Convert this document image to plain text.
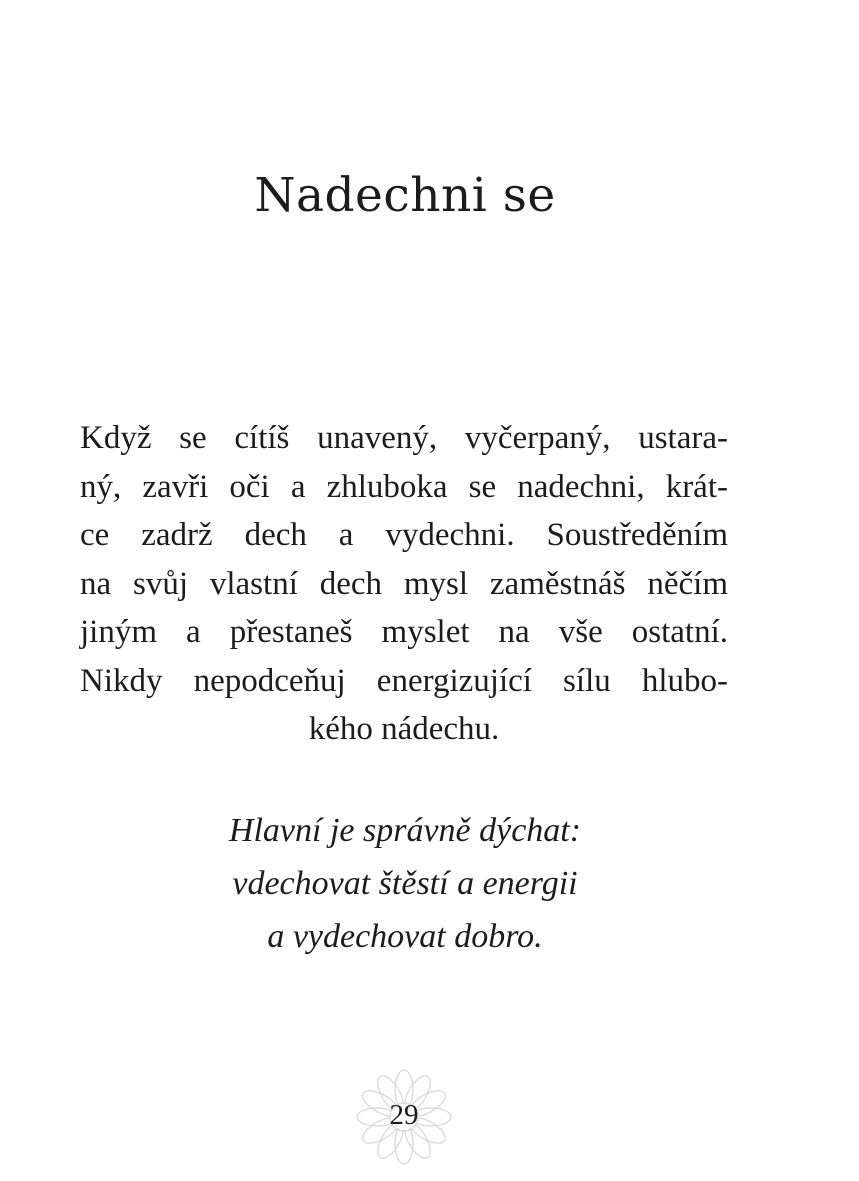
Nadechni se
Když se cítíš unavený, vyčerpaný, ustara-
ný, zavři oči a zhluboka se nadechni, krát-
ce zadrž dech a vydechni. Soustředěním
na svůj vlastní dech mysl zaměstnáš něčím
jiným a přestaneš myslet na vše ostatní.
Nikdy nepodceňuj energizující sílu hlubo-
kého nádechu.
Hlavní je správně dýchat:
vdechovat štěstí a energii
a vydechovat dobro.
29
